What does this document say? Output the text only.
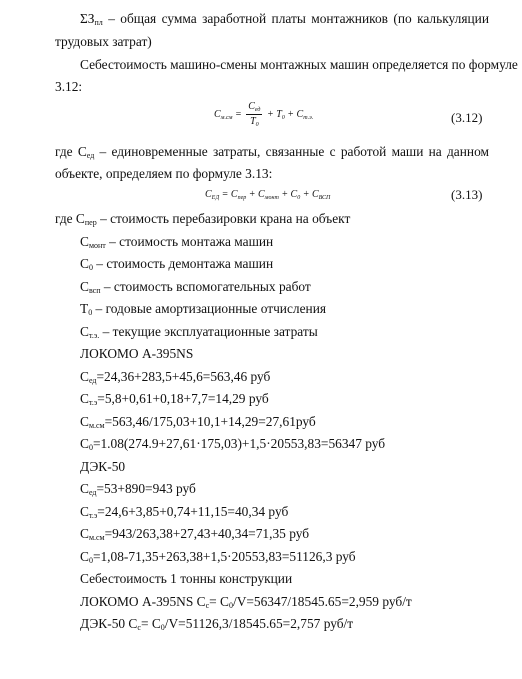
$\Sigma З_{пл}$ – общая сумма заработной платы монтажников (по калькуляции
трудовых затрат)
Себестоимость машино-смены монтажных машин определяется по формуле
3.12:
$C_{м.см} = \frac{C_{ед}}{T_0} + T_0 + C_{т.э.}$	(3.12)
где $С_{ед}$ – единовременные затраты, связанные с работой маши на данном
объекте, определяем по формуле 3.13:
$C_{ЕД} = C_{пер} + C_{монт} + C_0 + C_{ВСП}$	(3.13)
где $С_{пер}$ – стоимость перебазировки крана на объект
$С_{монт}$ – стоимость монтажа машин
$С_0$ – стоимость демонтажа машин
$С_{всп}$ – стоимость вспомогательных работ
$Т_0$ – годовые амортизационные отчисления
$С_{т.э.}$ – текущие эксплуатационные затраты
ЛОКОМО А-395NS
$С_{ед}=24,36+283,5+45,6=563,46$ руб
$С_{т.э}=5,8+0,61+0,18+7,7=14,29$ руб
$С_{м.см}=563,46/175,03+10,1+14,29=27,61руб$
$С_0=1.08(274.9+27,61\cdot 175,03)+1,5\cdot 20553,83=56347$ руб
ДЭК-50
$С_{ед}=53+890=943$ руб
$С_{т.э}=24,6+3,85+0,74+11,15=40,34$ руб
$С_{м.см}=943/263,38+27,43+40,34=71,35$ руб
$С_0=1,08-71,35+263,38+1,5\cdot 20553,83=51126,3$ руб
Себестоимость 1 тонны конструкции
ЛОКОМО А-395NS $С_с= С_0/V=56347/18545.65=2,959$ руб/т
ДЭК-50 $С_с= С_0/V=51126,3/18545.65=2,757$ руб/т
